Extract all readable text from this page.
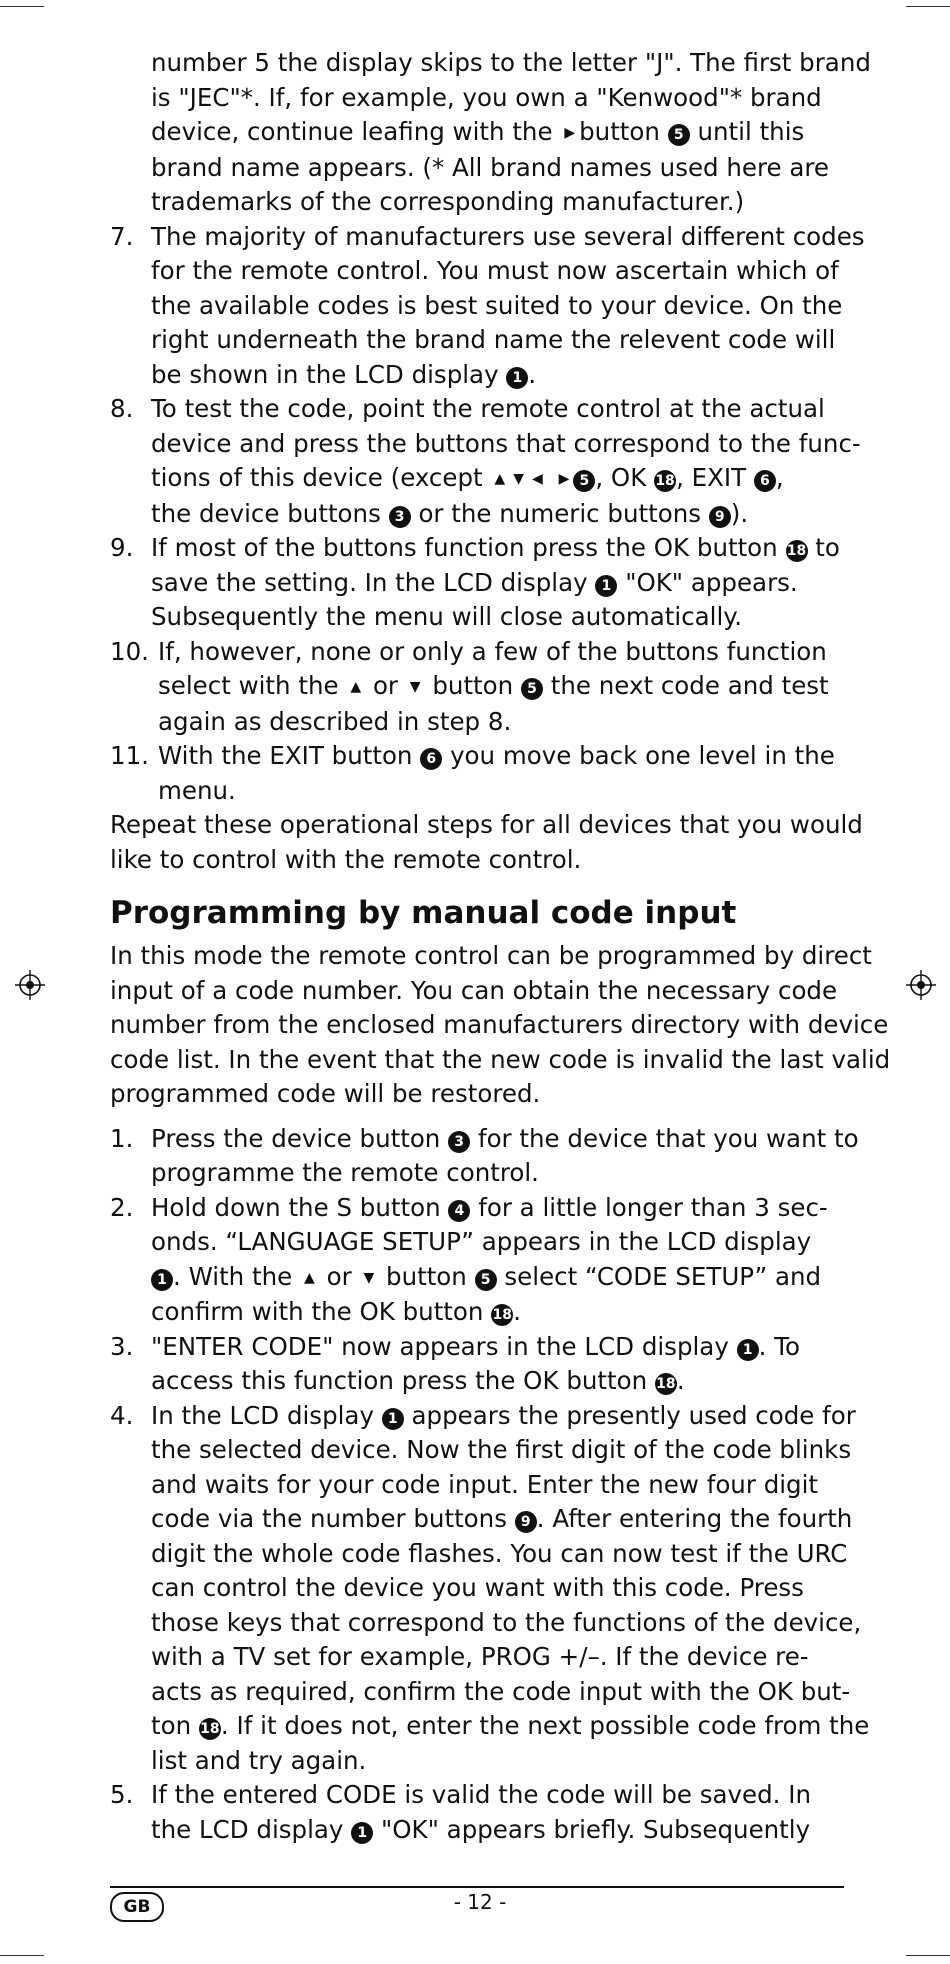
number 5 the display skips to the letter "J". The first brand
is "JEC"*. If, for example, you own a "Kenwood"* brand
device, continue leafing with the ▶ button 5 until this
brand name appears. (* All brand names used here are
trademarks of the corresponding manufacturer.)
7. The majority of manufacturers use several different codes
for the remote control. You must now ascertain which of
the available codes is best suited to your device. On the
right underneath the brand name the relevent code will
be shown in the LCD display 1 .
8. To test the code, point the remote control at the actual
device and press the buttons that correspond to the func-
tions of this device (except ▲ ▼ ◀ ▶ 5 , OK 18, EXIT 6 ,
the device buttons 3 or the numeric buttons 9 ).
9. If most of the buttons function press the OK button 18 to
save the setting. In the LCD display 1 "OK" appears.
Subsequently the menu will close automatically.
10. If, however, none or only a few of the buttons function
select with the ▲ or ▼ button 5 the next code and test
again as described in step 8.
11. With the EXIT button 6 you move back one level in the
menu.
Repeat these operational steps for all devices that you would
like to control with the remote control.
Programming by manual code input
In this mode the remote control can be programmed by direct
input of a code number. You can obtain the necessary code
number from the enclosed manufacturers directory with device
code list. In the event that the new code is invalid the last valid
programmed code will be restored.
1. Press the device button 3 for the device that you want to
programme the remote control.
2. Hold down the S button 4 for a little longer than 3 sec-
onds. “LANGUAGE SETUP” appears in the LCD display
1 . With the ▲ or ▼ button 5 select “CODE SETUP” and
confirm with the OK button 18.
3. "ENTER CODE" now appears in the LCD display 1 . To
access this function press the OK button 18.
4. In the LCD display 1 appears the presently used code for
the selected device. Now the first digit of the code blinks
and waits for your code input. Enter the new four digit
code via the number buttons 9 . After entering the fourth
digit the whole code flashes. You can now test if the URC
can control the device you want with this code. Press
those keys that correspond to the functions of the device,
with a TV set for example, PROG +/–. If the device re-
acts as required, confirm the code input with the OK but-
ton 18. If it does not, enter the next possible code from the
list and try again.
5. If the entered CODE is valid the code will be saved. In
the LCD display 1 "OK" appears briefly. Subsequently
GB	- 12 -
